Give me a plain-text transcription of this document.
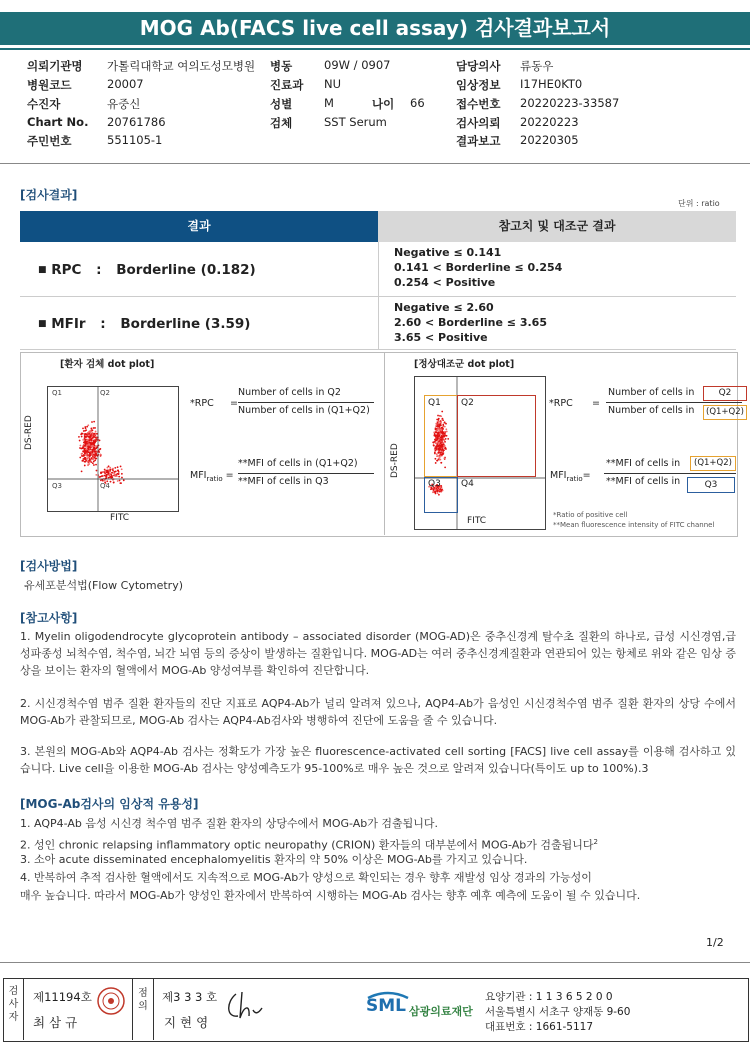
MOG Ab(FACS live cell assay) 검사결과보고서
의뢰기관명 가톨릭대학교 여의도성모병원
병원코드	20007
수진자	유중신
Chart No. 20761786
주민번호	551105-1
병동	09W / 0907
진료과 NU
성별	M	나이 66
검체	SST Serum
담당의사 류동우
임상정보 I17HE0KT0
접수번호 20220223-33587
검사의뢰 20220223
결과보고 20220305
[검사결과]
단위 : ratio
결과	참고치 및 대조군 결과
■ RPC : Borderline (0.182)
Negative ≤ 0.141
0.141 < Borderline ≤ 0.254
0.254 < Positive
■ MFIr : Borderline (3.59)
Negative ≤ 2.60
2.60 < Borderline ≤ 3.65
3.65 < Positive
[환자 검체 dot plot]	[정상대조군 dot plot]
Q1	Q2
Q3	Q4
DS-RED
FITC
*RPC =
Number of cells in Q2
Number of cells in (Q1+Q2)
$MFI_{ratio}$ =
**MFI of cells in (Q1+Q2)
**MFI of cells in Q3
Q1 Q2
Q3 Q4
DS-RED
FITC
*RPC =
Number of cells in	Q2
Number of cells in	(Q1+Q2)
$MFI_{ratio}=$
**MFI of cells in	(Q1+Q2)
**MFI of cells in	Q3
*Ratio of positive cell
**Mean fluorescence intensity of FITC channel
[검사방법]
유세포분석법(Flow Cytometry)
[참고사항]
1. Myelin oligodendrocyte glycoprotein antibody – associated disorder (MOG-AD)은 중추신경계 탈수초 질환의 하나로, 급성 시신경염,급성파종성 뇌척수염, 척수염, 뇌간 뇌염 등의 증상이 발생하는 질환입니다. MOG-AD는 여러 중추신경계질환과 연관되어 있는 항체로 위와 같은 임상 증상을 보이는 환자의 혈액에서 MOG-Ab 양성여부를 확인하여 진단합니다.
2. 시신경척수염 범주 질환 환자들의 진단 지표로 AQP4-Ab가 널리 알려져 있으나, AQP4-Ab가 음성인 시신경척수염 범주 질환 환자의 상당 수에서 MOG-Ab가 관찰되므로, MOG-Ab 검사는 AQP4-Ab검사와 병행하여 진단에 도움을 줄 수 있습니다.
3. 본원의 MOG-Ab와 AQP4-Ab 검사는 정확도가 가장 높은 fluorescence-activated cell sorting [FACS] live cell assay를 이용해 검사하고 있습니다. Live cell을 이용한 MOG-Ab 검사는 양성예측도가 95-100%로 매우 높은 것으로 알려져 있습니다(특이도 up to 100%).3
[MOG-Ab검사의 임상적 유용성]
1. AQP4-Ab 음성 시신경 척수염 범주 질환 환자의 상당수에서 MOG-Ab가 검출됩니다.
2. 성인 chronic relapsing inflammatory optic neuropathy (CRION) 환자들의 대부분에서 MOG-Ab가 검출됩니다$^2$
3. 소아 acute disseminated encephalomyelitis 환자의 약 50% 이상은 MOG-Ab를 가지고 있습니다.
4. 반복하여 추적 검사한 혈액에서도 지속적으로 MOG-Ab가 양성으로 확인되는 경우 향후 재발성 임상 경과의 가능성이
매우 높습니다. 따라서 MOG-Ab가 양성인 환자에서 반복하여 시행하는 MOG-Ab 검사는 향후 예후 예측에 도움이 될 수 있습니다.
1/2
검사자
제11194호
최 삼 규
점의
제3 3 3 호
지 현 영
SML 삼광의료재단
요양기관 : 1 1 3 6 5 2 0 0
서울특별시 서초구 양재동 9-60
대표번호 : 1661-5117
